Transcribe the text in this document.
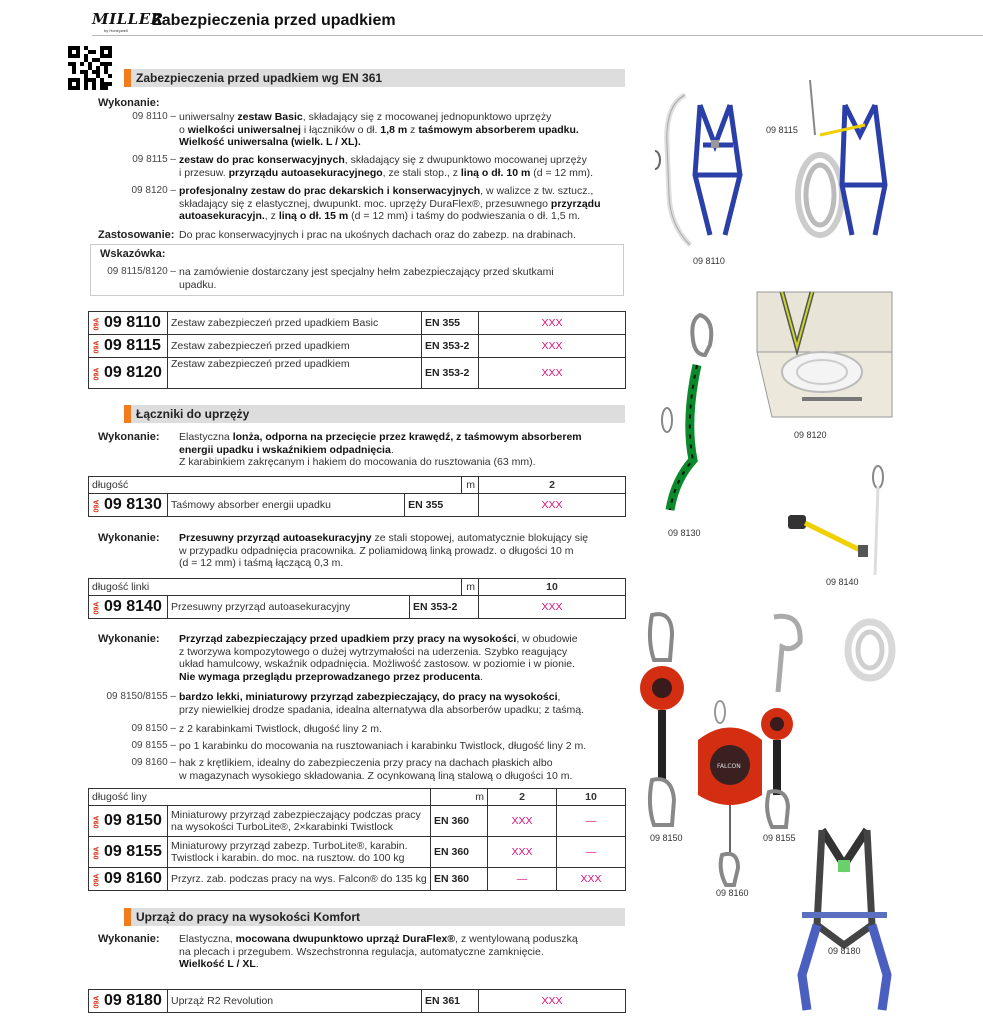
MILLER
by Honeywell
Zabezpieczenia przed upadkiem
Zabezpieczenia przed upadkiem wg EN 361
Wykonanie:
09 8110 – uniwersalny zestaw Basic, składający się z mocowanej jednopunktowo uprzęży
o wielkości uniwersalnej i łączników o dł. 1,8 m z taśmowym absorberem upadku.
Wielkość uniwersalna (wielk. L / XL).
09 8115 – zestaw do prac konserwacyjnych, składający się z dwupunktowo mocowanej uprzęży
i przesuw. przyrządu autoasekuracyjnego, ze stali stop., z liną o dł. 10 m (d = 12 mm).
09 8120 – profesjonalny zestaw do prac dekarskich i konserwacyjnych, w walizce z tw. sztucz.,
składający się z elastycznej, dwupunkt. moc. uprzęży DuraFlex®, przesuwnego przyrządu
autoasekuracyjn., z liną o dł. 15 m (d = 12 mm) i taśmy do podwieszania o dł. 1,5 m.
Zastosowanie: Do prac konserwacyjnych i prac na ukośnych dachach oraz do zabezp. na drabinach.
Wskazówka:
09 8115/8120 – na zamówienie dostarczany jest specjalny hełm zabezpieczający przed skutkami
upadku.
09A 09 8110	Zestaw zabezpieczeń przed upadkiem Basic	EN 355	XXX
09A 09 8115	Zestaw zabezpieczeń przed upadkiem	EN 353-2	XXX
09A 09 8120	Zestaw zabezpieczeń przed upadkiem	EN 353-2	XXX
Łączniki do uprzęży
Wykonanie: Elastyczna lonża, odporna na przecięcie przez krawędź, z taśmowym absorberem
energii upadku i wskaźnikiem odpadnięcia.
Z karabinkiem zakręcanym i hakiem do mocowania do rusztowania (63 mm).
długość			m	2
09A 09 8130	Taśmowy absorber energii upadku	EN 355		XXX
Wykonanie: Przesuwny przyrząd autoasekuracyjny ze stali stopowej, automatycznie blokujący się
w przypadku odpadnięcia pracownika. Z poliamidową linką prowadz. o długości 10 m
(d = 12 mm) i taśmą łączącą 0,3 m.
długość linki			m	10
09A 09 8140	Przesuwny przyrząd autoasekuracyjny	EN 353-2		XXX
Wykonanie: Przyrząd zabezpieczający przed upadkiem przy pracy na wysokości, w obudowie
z tworzywa kompozytowego o dużej wytrzymałości na uderzenia. Szybko reagujący
układ hamulcowy, wskaźnik odpadnięcia. Możliwość zastosow. w poziomie i w pionie.
Nie wymaga przeglądu przeprowadzanego przez producenta.
09 8150/8155 – bardzo lekki, miniaturowy przyrząd zabezpieczający, do pracy na wysokości,
przy niewielkiej drodze spadania, idealna alternatywa dla absorberów upadku; z taśmą.
09 8150 – z 2 karabinkami Twistlock, długość liny 2 m.
09 8155 – po 1 karabinku do mocowania na rusztowaniach i karabinku Twistlock, długość liny 2 m.
09 8160 – hak z krętlikiem, idealny do zabezpieczenia przy pracy na dachach płaskich albo
w magazynach wysokiego składowania. Z ocynkowaną liną stalową o długości 10 m.
długość liny		m	2	10
09A 09 8150	Miniaturowy przyrząd zabezpieczający podczas pracy na wysokości TurboLite®, 2×karabinki Twistlock	EN 360	XXX	—
09A 09 8155	Miniaturowy przyrząd zabezp. TurboLite®, karabin. Twistlock i karabin. do moc. na rusztow. do 100 kg	EN 360	XXX	—
09A 09 8160	Przyrz. zab. podczas pracy na wys. Falcon® do 135 kg	EN 360	—	XXX
Uprząż do pracy na wysokości Komfort
Wykonanie: Elastyczna, mocowana dwupunktowo uprząż DuraFlex®, z wentylowaną poduszką
na plecach i przegubem. Wszechstronna regulacja, automatyczne zamknięcie.
Wielkość L / XL.
09A 09 8180	Uprząż R2 Revolution	EN 361	XXX
09 8110
09 8115
09 8120
09 8130
09 8140
09 8150
FALCON
09 8160
09 8155
09 8180
